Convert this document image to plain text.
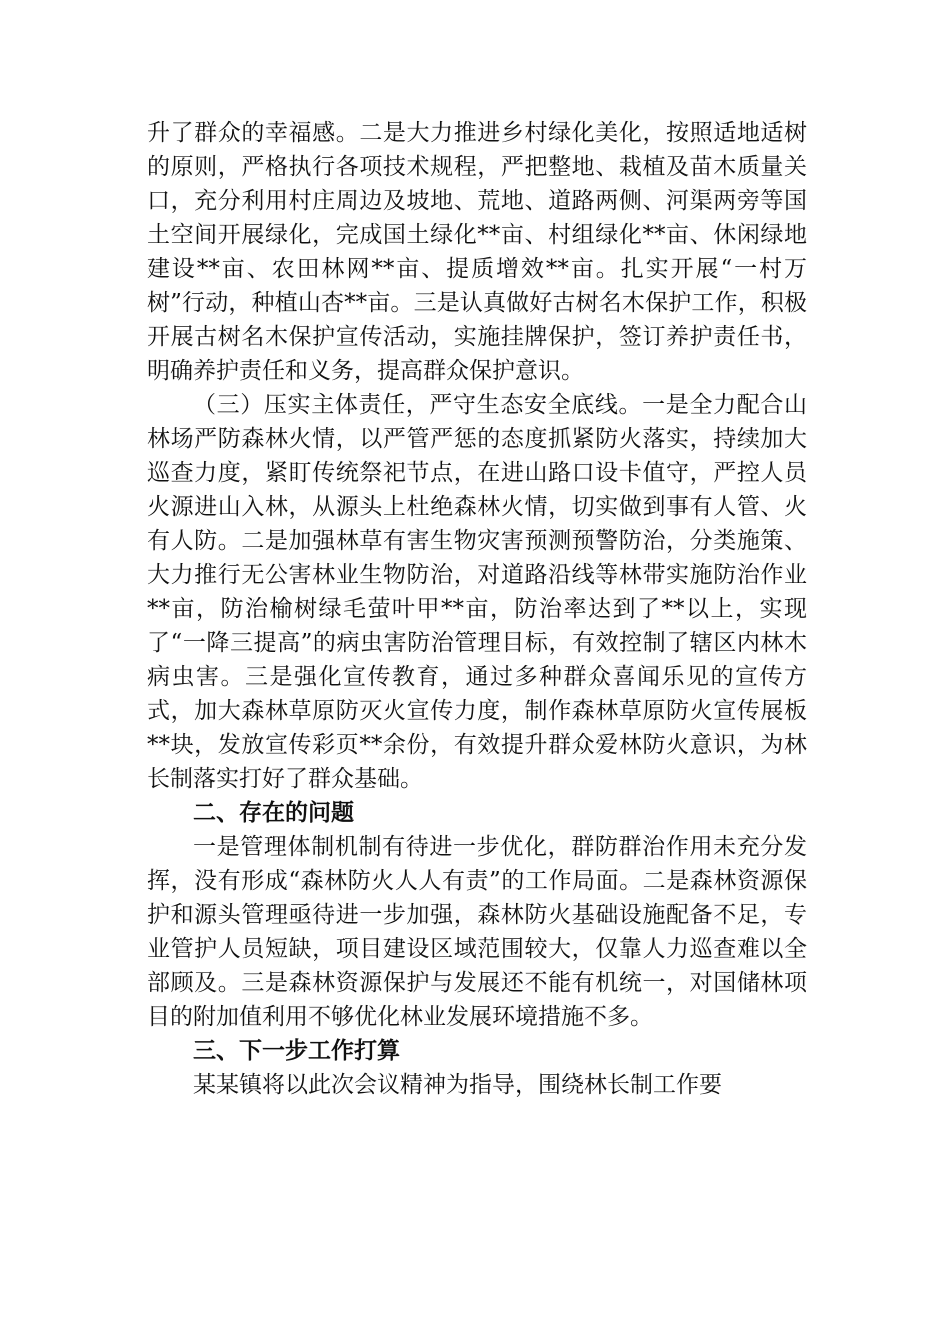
升了群众的幸福感。二是大力推进乡村绿化美化，按照适地适树的原则，严格执行各项技术规程，严把整地、栽植及苗木质量关口，充分利用村庄周边及坡地、荒地、道路两侧、河渠两旁等国土空间开展绿化，完成国土绿化**亩、村组绿化**亩、休闲绿地建设**亩、农田林网**亩、提质增效**亩。扎实开展“一村万树”行动，种植山杏**亩。三是认真做好古树名木保护工作，积极开展古树名木保护宣传活动，实施挂牌保护，签订养护责任书，明确养护责任和义务，提高群众保护意识。

（三）压实主体责任，严守生态安全底线。一是全力配合山林场严防森林火情，以严管严惩的态度抓紧防火落实，持续加大巡查力度，紧盯传统祭祀节点，在进山路口设卡值守，严控人员火源进山入林，从源头上杜绝森林火情，切实做到事有人管、火有人防。二是加强林草有害生物灾害预测预警防治，分类施策、大力推行无公害林业生物防治，对道路沿线等林带实施防治作业**亩，防治榆树绿毛萤叶甲**亩，防治率达到了**以上，实现了“一降三提高”的病虫害防治管理目标，有效控制了辖区内林木病虫害。三是强化宣传教育，通过多种群众喜闻乐见的宣传方式，加大森林草原防灭火宣传力度，制作森林草原防火宣传展板**块，发放宣传彩页**余份，有效提升群众爱林防火意识，为林长制落实打好了群众基础。

二、存在的问题

一是管理体制机制有待进一步优化，群防群治作用未充分发挥，没有形成“森林防火人人有责”的工作局面。二是森林资源保护和源头管理亟待进一步加强，森林防火基础设施配备不足，专业管护人员短缺，项目建设区域范围较大，仅靠人力巡查难以全部顾及。三是森林资源保护与发展还不能有机统一，对国储林项目的附加值利用不够优化林业发展环境措施不多。

三、下一步工作打算

某某镇将以此次会议精神为指导，围绕林长制工作要
